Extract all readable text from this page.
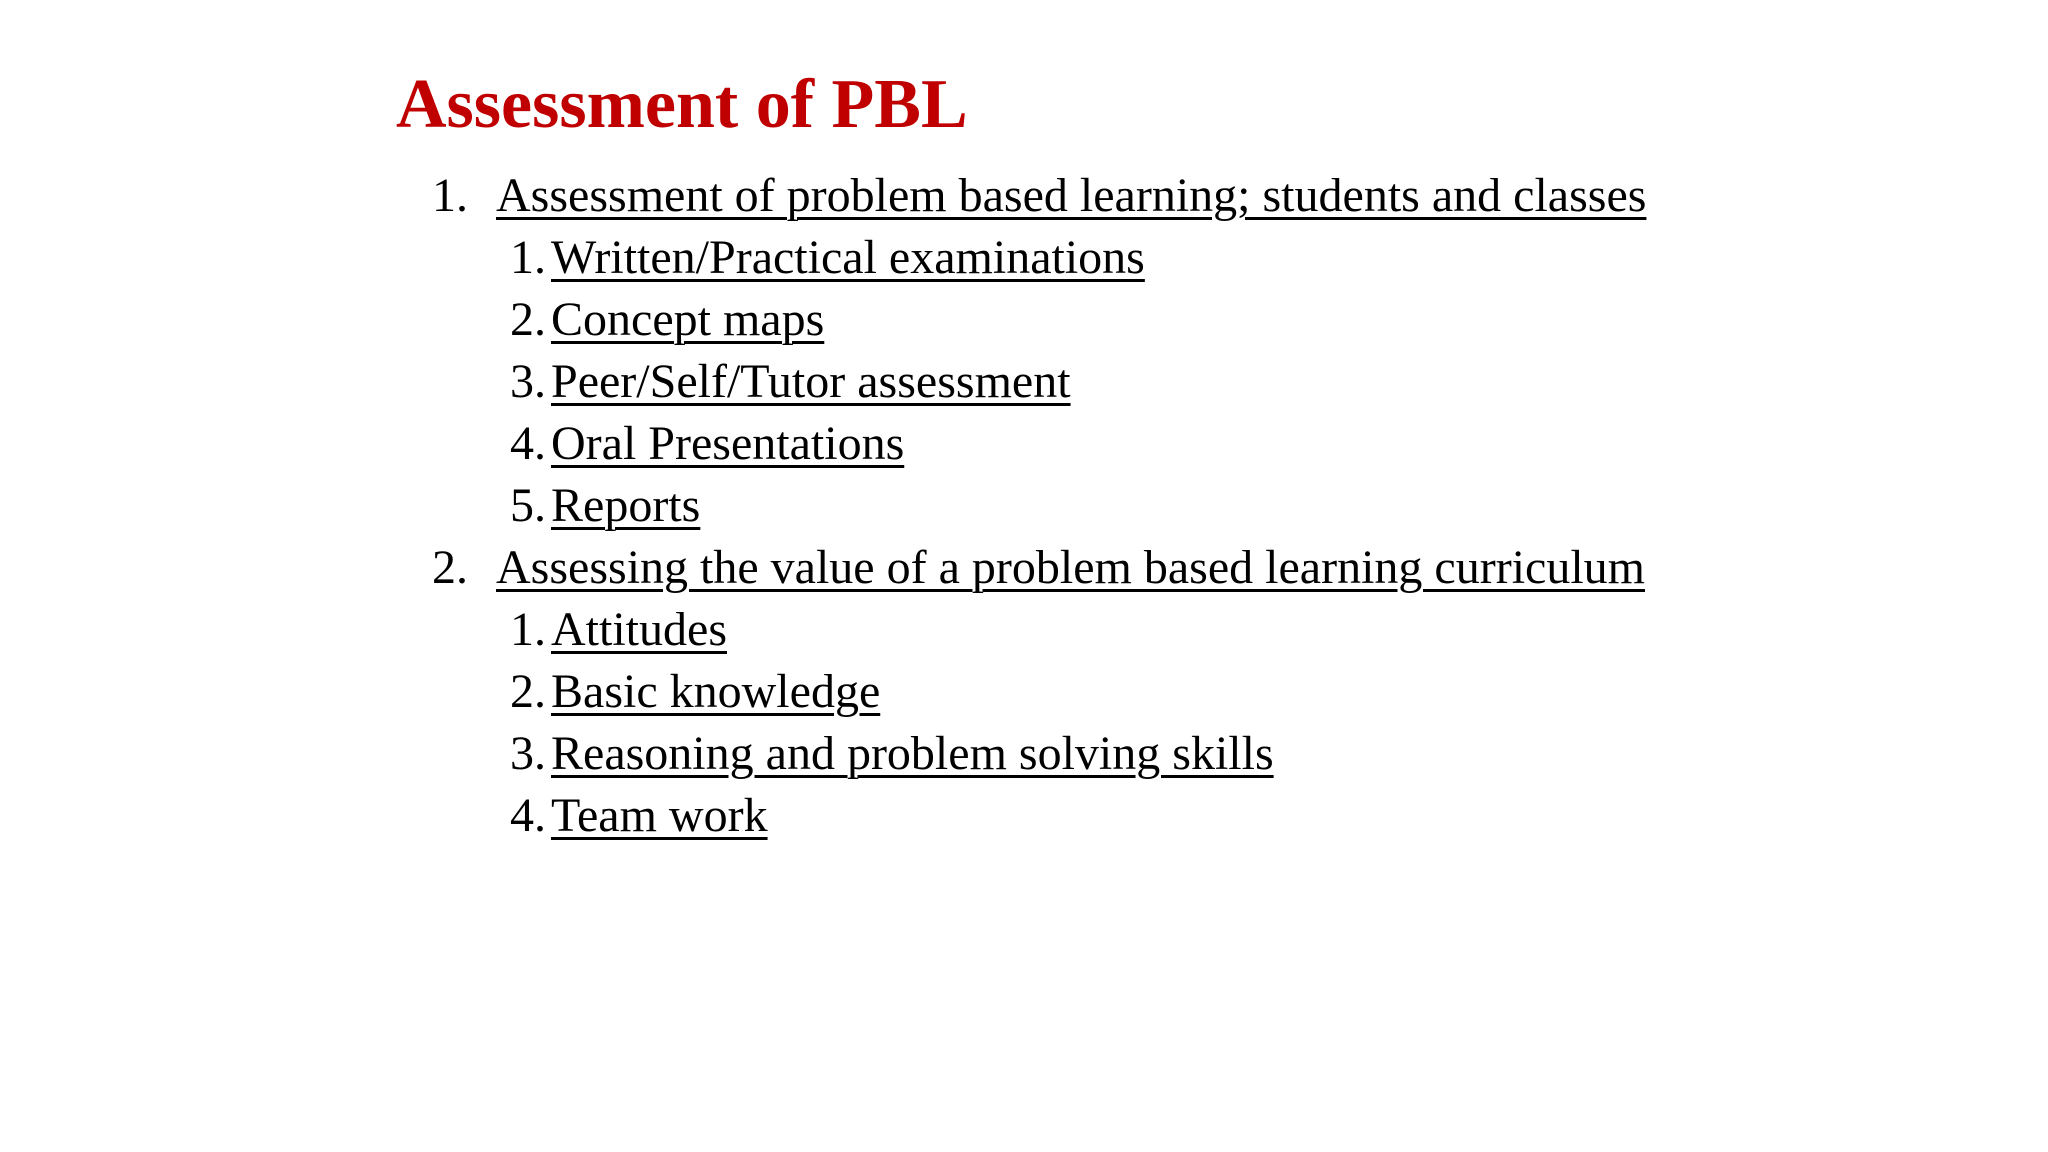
Assessment of PBL
1. Assessment of problem based learning; students and classes
1. Written/Practical examinations
2. Concept maps
3. Peer/Self/Tutor assessment
4. Oral Presentations
5. Reports
2. Assessing the value of a problem based learning curriculum
1. Attitudes
2. Basic knowledge
3. Reasoning and problem solving skills
4. Team work
